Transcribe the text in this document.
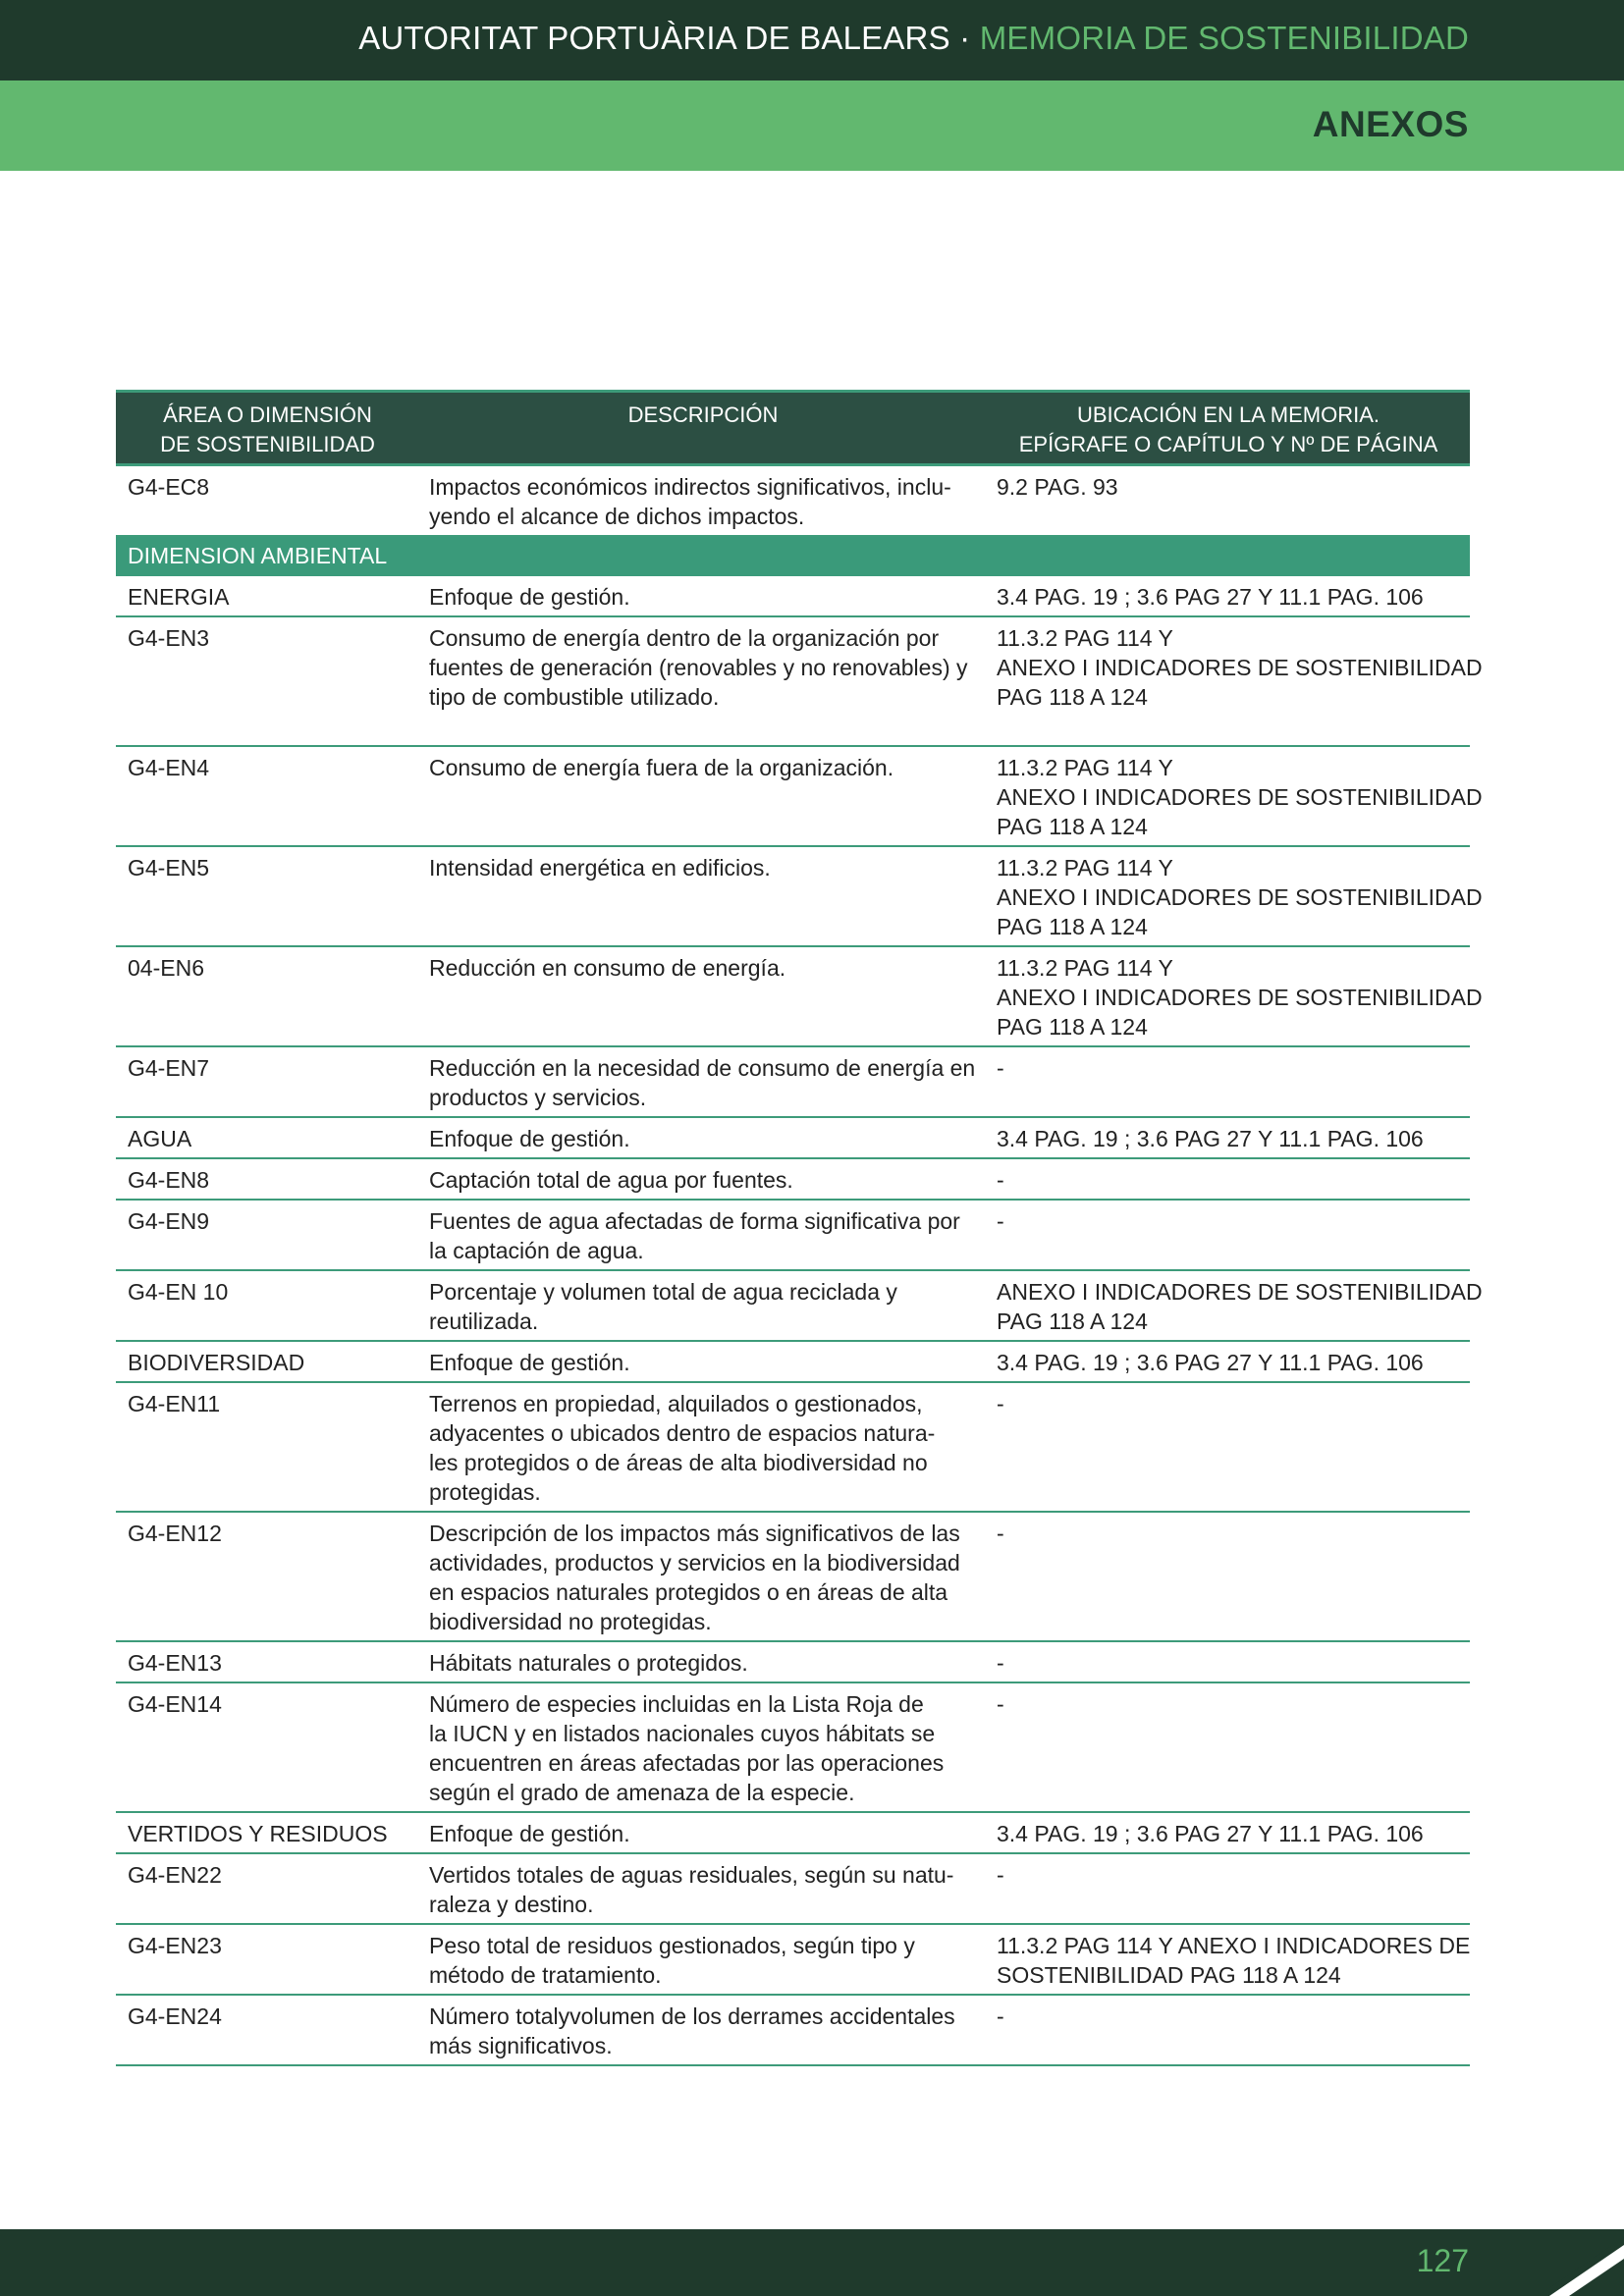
AUTORITAT PORTUÀRIA DE BALEARS · MEMORIA DE SOSTENIBILIDAD
ANEXOS
ÁREA O DIMENSIÓN
DE SOSTENIBILIDAD	DESCRIPCIÓN	UBICACIÓN EN LA MEMORIA.
EPÍGRAFE O CAPÍTULO Y Nº DE PÁGINA

G4-EC8	Impactos económicos indirectos significativos, inclu-
yendo el alcance de dichos impactos.	9.2 PAG. 93

DIMENSION AMBIENTAL		
ENERGIA	Enfoque de gestión.	3.4 PAG. 19 ; 3.6 PAG 27 Y 11.1 PAG. 106

G4-EN3	Consumo de energía dentro de la organización por
fuentes de generación (renovables y no renovables) y
tipo de combustible utilizado.	11.3.2 PAG 114 Y
ANEXO I INDICADORES DE SOSTENIBILIDAD
PAG 118 A 124

G4-EN4	Consumo de energía fuera de la organización.	11.3.2 PAG 114 Y
ANEXO I INDICADORES DE SOSTENIBILIDAD
PAG 118 A 124

G4-EN5	Intensidad energética en edificios.	11.3.2 PAG 114 Y
ANEXO I INDICADORES DE SOSTENIBILIDAD
PAG 118 A 124

04-EN6	Reducción en consumo de energía.	11.3.2 PAG 114 Y
ANEXO I INDICADORES DE SOSTENIBILIDAD
PAG 118 A 124

G4-EN7	Reducción en la necesidad de consumo de energía en
productos y servicios.	-

AGUA	Enfoque de gestión.	3.4 PAG. 19 ; 3.6 PAG 27 Y 11.1 PAG. 106

G4-EN8	Captación total de agua por fuentes.	-

G4-EN9	Fuentes de agua afectadas de forma significativa por
la captación de agua.	-

G4-EN 10	Porcentaje y volumen total de agua reciclada y
reutilizada.	ANEXO I INDICADORES DE SOSTENIBILIDAD
PAG 118 A 124

BIODIVERSIDAD	Enfoque de gestión.	3.4 PAG. 19 ; 3.6 PAG 27 Y 11.1 PAG. 106

G4-EN11	Terrenos en propiedad, alquilados o gestionados,
adyacentes o ubicados dentro de espacios natura-
les protegidos o de áreas de alta biodiversidad no
protegidas.	-

G4-EN12	Descripción de los impactos más significativos de las
actividades, productos y servicios en la biodiversidad
en espacios naturales protegidos o en áreas de alta
biodiversidad no protegidas.	-

G4-EN13	Hábitats naturales o protegidos.	-

G4-EN14	Número de especies incluidas en la Lista Roja de
la IUCN y en listados nacionales cuyos hábitats se
encuentren en áreas afectadas por las operaciones
según el grado de amenaza de la especie.	-

VERTIDOS Y RESIDUOS	Enfoque de gestión.	3.4 PAG. 19 ; 3.6 PAG 27 Y 11.1 PAG. 106

G4-EN22	Vertidos totales de aguas residuales, según su natu-
raleza y destino.	-

G4-EN23	Peso total de residuos gestionados, según tipo y
método de tratamiento.	11.3.2 PAG 114 Y ANEXO I INDICADORES DE
SOSTENIBILIDAD PAG 118 A 124

G4-EN24	Número totalyvolumen de los derrames accidentales
más significativos.	-
127
